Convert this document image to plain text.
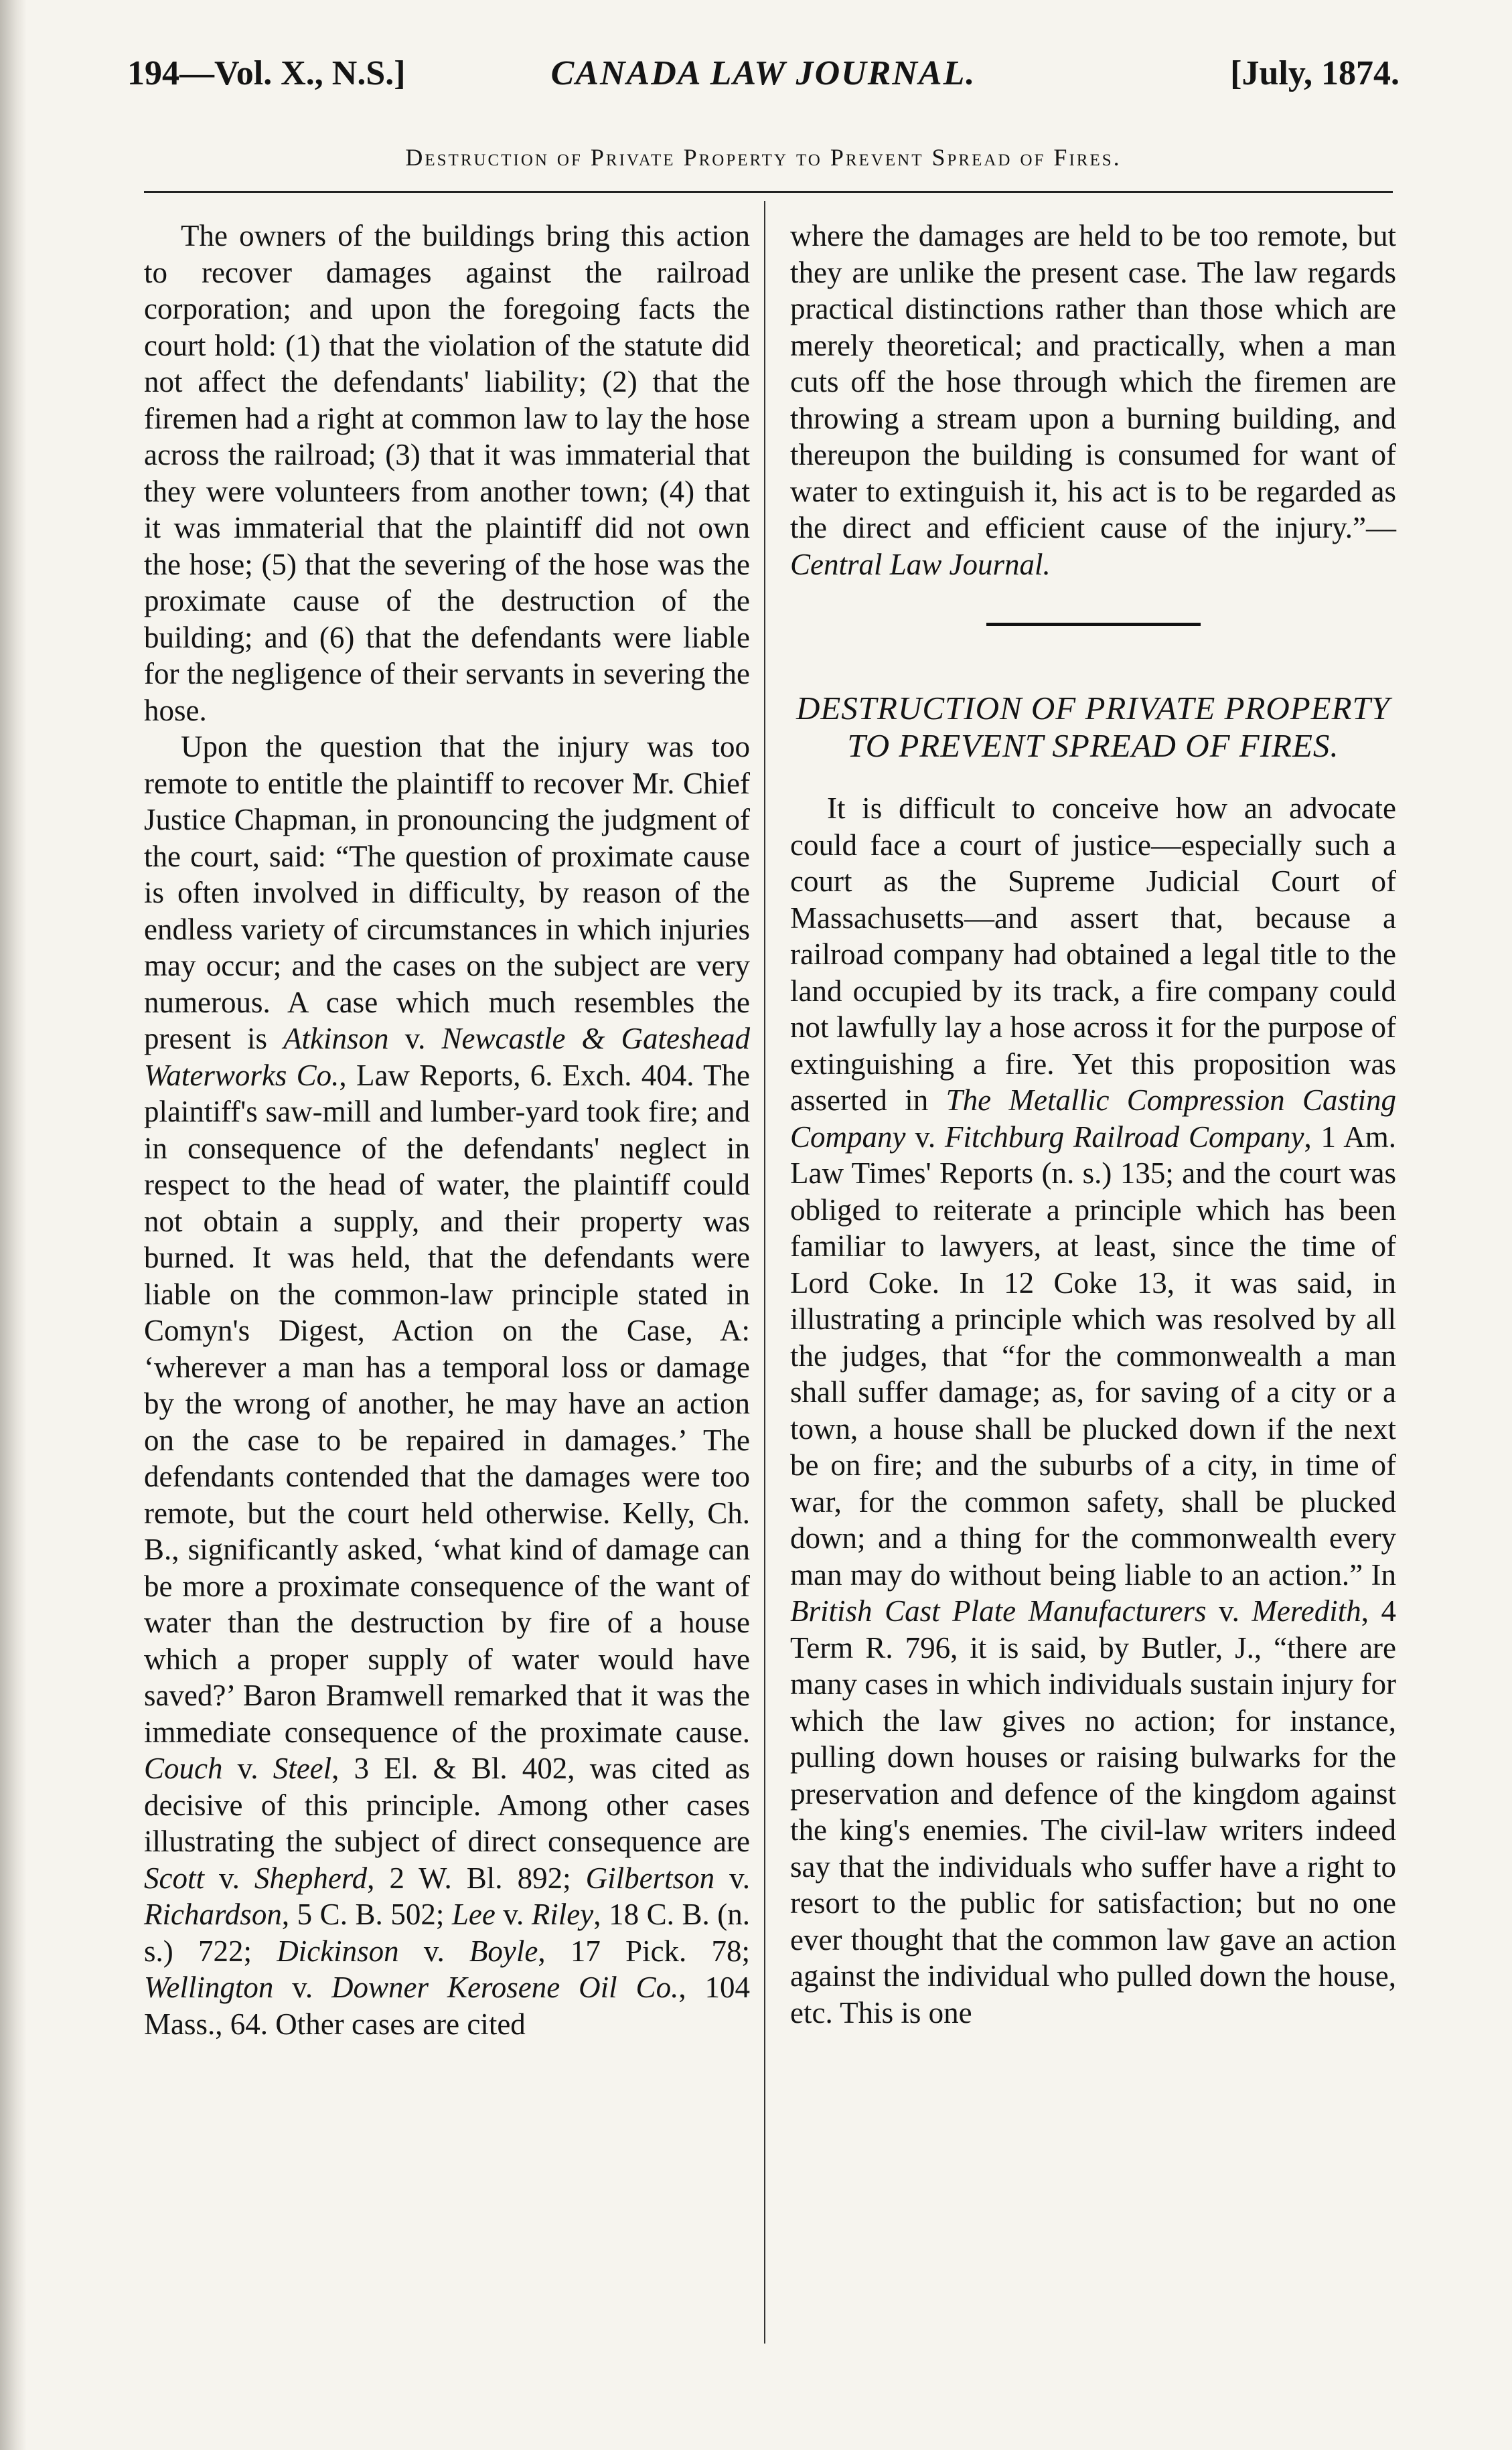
194—Vol. X., N.S.]	CANADA LAW JOURNAL.	[July, 1874.
Destruction of Private Property to Prevent Spread of Fires.

The owners of the buildings bring this action to recover damages against the railroad corporation; and upon the foregoing facts the court hold: (1) that the violation of the statute did not affect the defendants' liability; (2) that the firemen had a right at common law to lay the hose across the railroad; (3) that it was immaterial that they were volunteers from another town; (4) that it was immaterial that the plaintiff did not own the hose; (5) that the severing of the hose was the proximate cause of the destruction of the building; and (6) that the defendants were liable for the negligence of their servants in severing the hose.

Upon the question that the injury was too remote to entitle the plaintiff to recover Mr. Chief Justice Chapman, in pronouncing the judgment of the court, said: “The question of proximate cause is often involved in difficulty, by reason of the endless variety of circumstances in which injuries may occur; and the cases on the subject are very numerous. A case which much resembles the present is Atkinson v. Newcastle & Gateshead Waterworks Co., Law Reports, 6. Exch. 404. The plaintiff's saw-mill and lumber-yard took fire; and in consequence of the defendants' neglect in respect to the head of water, the plaintiff could not obtain a supply, and their property was burned. It was held, that the defendants were liable on the common-law principle stated in Comyn's Digest, Action on the Case, A: ‘wherever a man has a temporal loss or damage by the wrong of another, he may have an action on the case to be repaired in damages.’ The defendants contended that the damages were too remote, but the court held otherwise. Kelly, Ch. B., significantly asked, ‘what kind of damage can be more a proximate consequence of the want of water than the destruction by fire of a house which a proper supply of water would have saved?’ Baron Bramwell remarked that it was the immediate consequence of the proximate cause. Couch v. Steel, 3 El. & Bl. 402, was cited as decisive of this principle. Among other cases illustrating the subject of direct consequence are Scott v. Shepherd, 2 W. Bl. 892; Gilbertson v. Richardson, 5 C. B. 502; Lee v. Riley, 18 C. B. (n. s.) 722; Dickinson v. Boyle, 17 Pick. 78; Wellington v. Downer Kerosene Oil Co., 104 Mass., 64. Other cases are cited

where the damages are held to be too remote, but they are unlike the present case. The law regards practical distinctions rather than those which are merely theoretical; and practically, when a man cuts off the hose through which the firemen are throwing a stream upon a burning building, and thereupon the building is consumed for want of water to extinguish it, his act is to be regarded as the direct and efficient cause of the injury.”—Central Law Journal.

DESTRUCTION OF PRIVATE PROPERTY TO PREVENT SPREAD OF FIRES.

It is difficult to conceive how an advocate could face a court of justice—especially such a court as the Supreme Judicial Court of Massachusetts—and assert that, because a railroad company had obtained a legal title to the land occupied by its track, a fire company could not lawfully lay a hose across it for the purpose of extinguishing a fire. Yet this proposition was asserted in The Metallic Compression Casting Company v. Fitchburg Railroad Company, 1 Am. Law Times' Reports (n. s.) 135; and the court was obliged to reiterate a principle which has been familiar to lawyers, at least, since the time of Lord Coke. In 12 Coke 13, it was said, in illustrating a principle which was resolved by all the judges, that “for the commonwealth a man shall suffer damage; as, for saving of a city or a town, a house shall be plucked down if the next be on fire; and the suburbs of a city, in time of war, for the common safety, shall be plucked down; and a thing for the commonwealth every man may do without being liable to an action.” In British Cast Plate Manufacturers v. Meredith, 4 Term R. 796, it is said, by Butler, J., “there are many cases in which individuals sustain injury for which the law gives no action; for instance, pulling down houses or raising bulwarks for the preservation and defence of the kingdom against the king's enemies. The civil-law writers indeed say that the individuals who suffer have a right to resort to the public for satisfaction; but no one ever thought that the common law gave an action against the individual who pulled down the house, etc. This is one
